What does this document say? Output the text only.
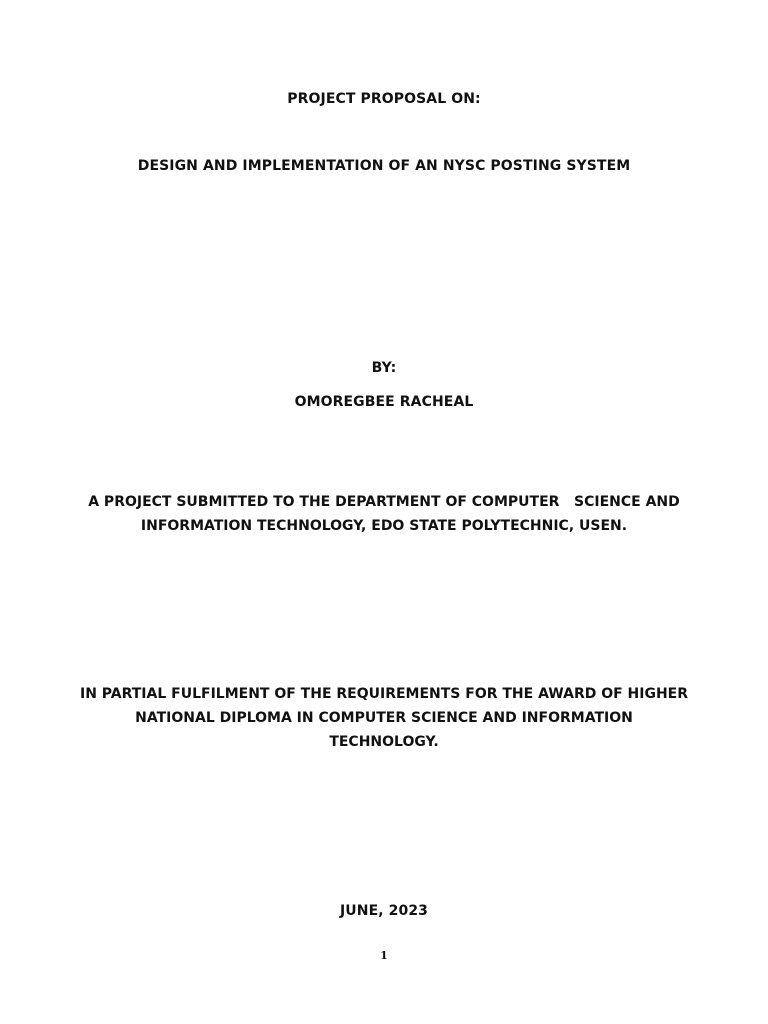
PROJECT PROPOSAL ON:
DESIGN AND IMPLEMENTATION OF AN NYSC POSTING SYSTEM
BY:
OMOREGBEE RACHEAL
A PROJECT SUBMITTED TO THE DEPARTMENT OF COMPUTER   SCIENCE AND
INFORMATION TECHNOLOGY, EDO STATE POLYTECHNIC, USEN.
IN PARTIAL FULFILMENT OF THE REQUIREMENTS FOR THE AWARD OF HIGHER
NATIONAL DIPLOMA IN COMPUTER SCIENCE AND INFORMATION
TECHNOLOGY.
JUNE, 2023
1
